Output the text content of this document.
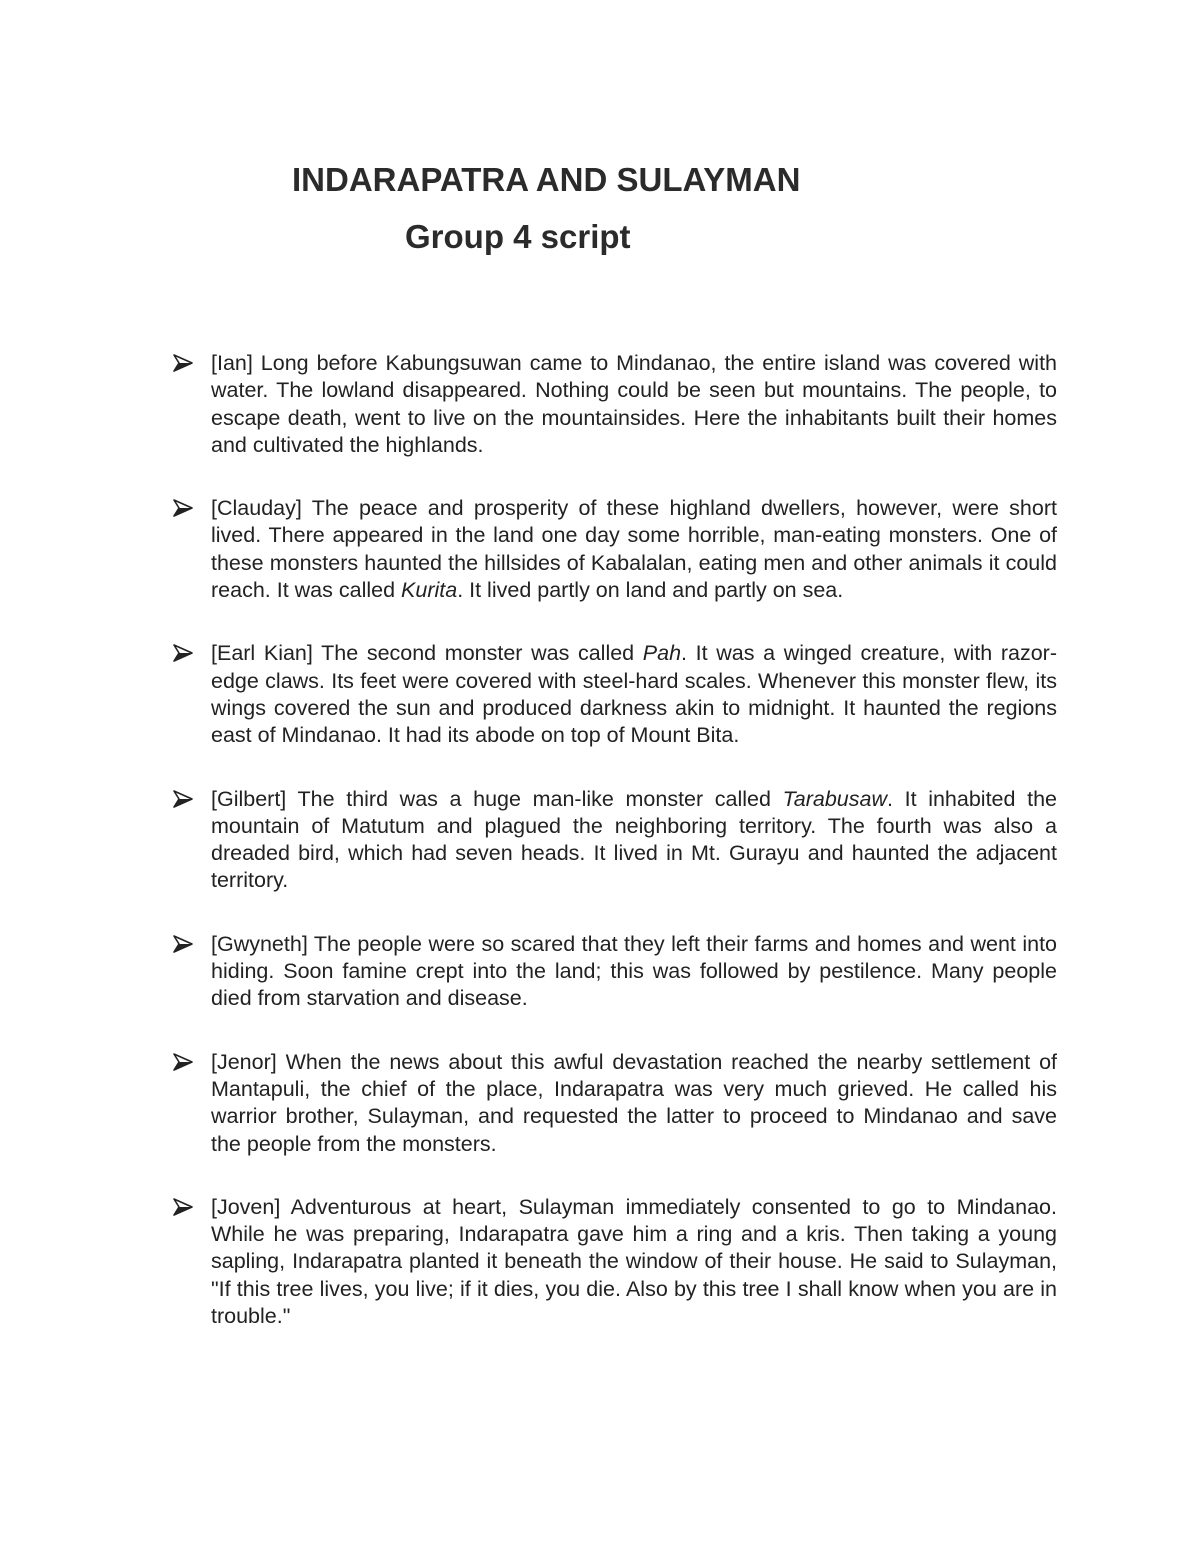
INDARAPATRA AND SULAYMAN
Group 4 script
[Ian] Long before Kabungsuwan came to Mindanao, the entire island was covered with water. The lowland disappeared. Nothing could be seen but mountains. The people, to escape death, went to live on the mountainsides. Here the inhabitants built their homes and cultivated the highlands.
[Clauday] The peace and prosperity of these highland dwellers, however, were short lived. There appeared in the land one day some horrible, man-eating monsters. One of these monsters haunted the hillsides of Kabalalan, eating men and other animals it could reach. It was called Kurita. It lived partly on land and partly on sea.
[Earl Kian] The second monster was called Pah. It was a winged creature, with razor-edge claws. Its feet were covered with steel-hard scales. Whenever this monster flew, its wings covered the sun and produced darkness akin to midnight. It haunted the regions east of Mindanao. It had its abode on top of Mount Bita.
[Gilbert] The third was a huge man-like monster called Tarabusaw. It inhabited the mountain of Matutum and plagued the neighboring territory. The fourth was also a dreaded bird, which had seven heads. It lived in Mt. Gurayu and haunted the adjacent territory.
[Gwyneth] The people were so scared that they left their farms and homes and went into hiding. Soon famine crept into the land; this was followed by pestilence. Many people died from starvation and disease.
[Jenor] When the news about this awful devastation reached the nearby settlement of Mantapuli, the chief of the place, Indarapatra was very much grieved. He called his warrior brother, Sulayman, and requested the latter to proceed to Mindanao and save the people from the monsters.
[Joven] Adventurous at heart, Sulayman immediately consented to go to Mindanao. While he was preparing, Indarapatra gave him a ring and a kris. Then taking a young sapling, Indarapatra planted it beneath the window of their house. He said to Sulayman, "If this tree lives, you live; if it dies, you die. Also by this tree I shall know when you are in trouble."
